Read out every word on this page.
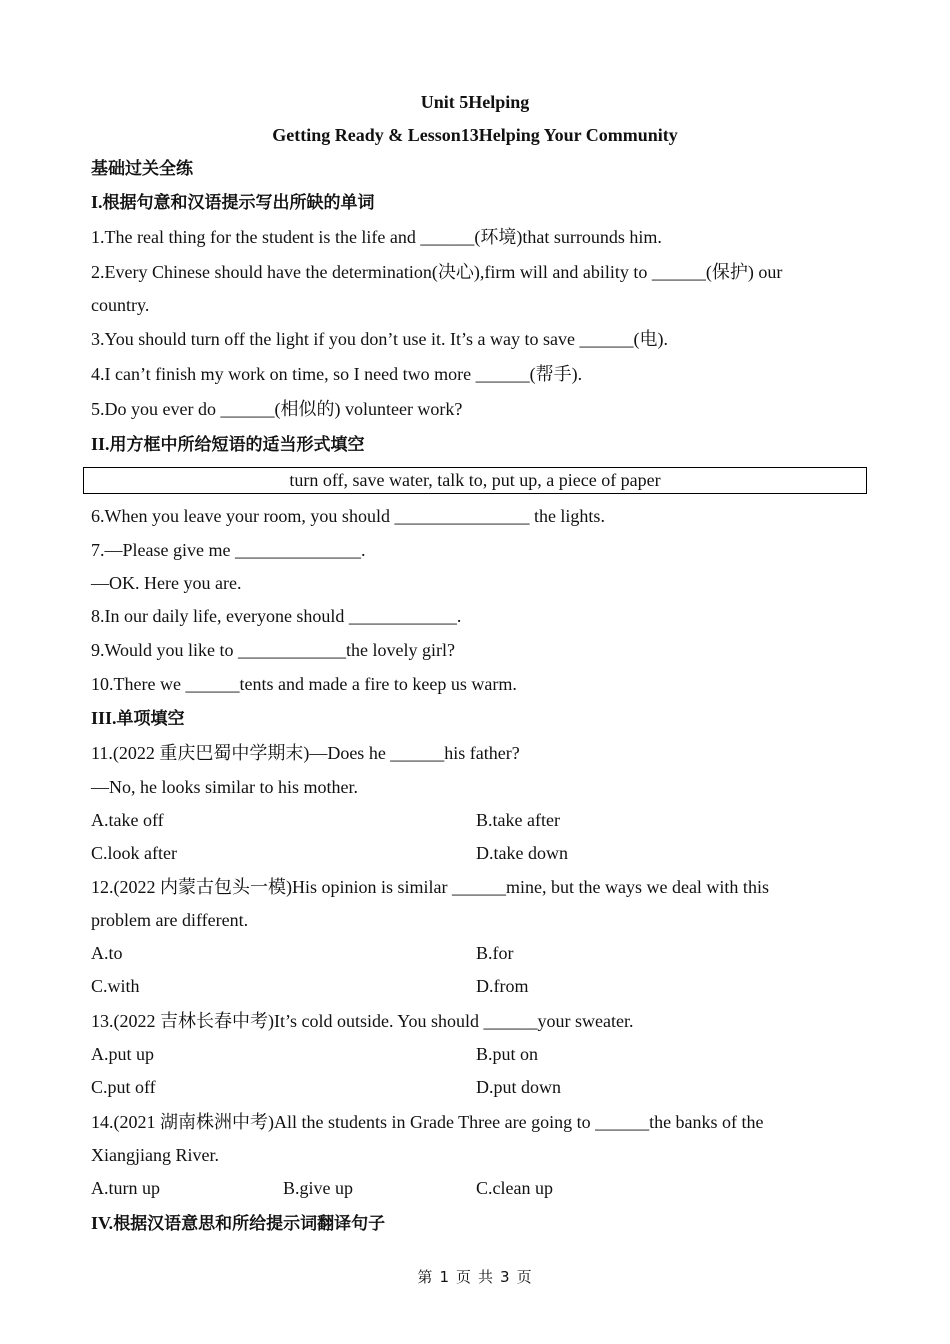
Unit 5Helping
Getting Ready & Lesson13Helping Your Community
基础过关全练
I.根据句意和汉语提示写出所缺的单词
1.The real thing for the student is the life and ______(环境)that surrounds him.
2.Every Chinese should have the determination(决心),firm will and ability to ______(保护) our
country.
3.You should turn off the light if you don’t use it. It’s a way to save ______(电).
4.I can’t finish my work on time, so I need two more ______(帮手).
5.Do you ever do ______(相似的) volunteer work?
II.用方框中所给短语的适当形式填空
turn off, save water, talk to, put up, a piece of paper
6.When you leave your room, you should _______________ the lights.
7.—Please give me ______________.
—OK. Here you are.
8.In our daily life, everyone should ____________.
9.Would you like to ____________the lovely girl?
10.There we ______tents and made a fire to keep us warm.
III.单项填空
11.(2022 重庆巴蜀中学期末)—Does he ______his father?
—No, he looks similar to his mother.
A.take off	B.take after
C.look after	D.take down
12.(2022 内蒙古包头一模)His opinion is similar ______mine, but the ways we deal with this
problem are different.
A.to	B.for
C.with	D.from
13.(2022 吉林长春中考)It’s cold outside. You should ______your sweater.
A.put up	B.put on
C.put off	D.put down
14.(2021 湖南株洲中考)All the students in Grade Three are going to ______the banks of the
Xiangjiang River.
A.turn up	B.give up	C.clean up
IV.根据汉语意思和所给提示词翻译句子
第 1 页 共 3 页
